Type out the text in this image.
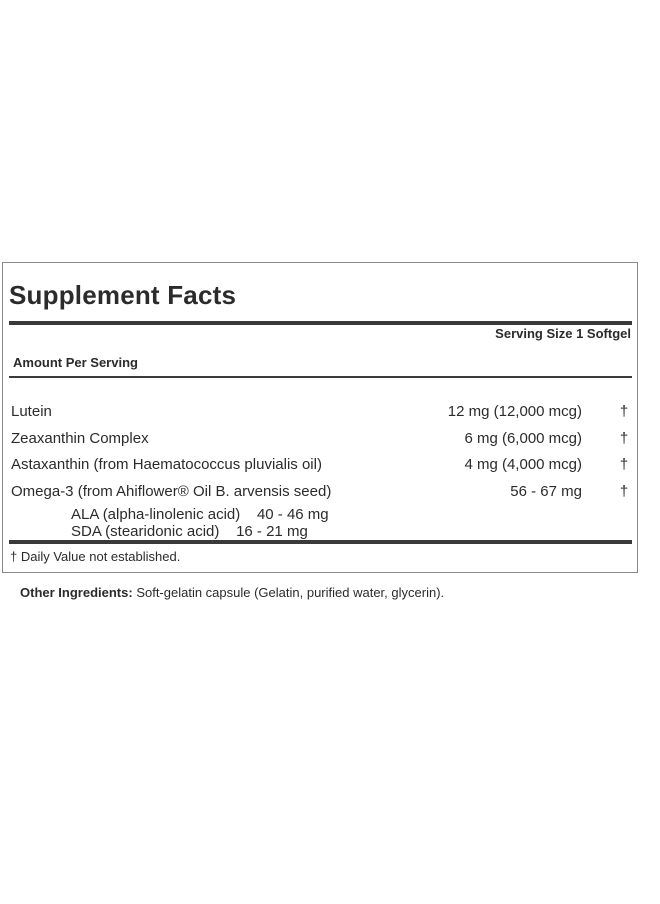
Supplement Facts
Serving Size 1 Softgel
Amount Per Serving
Lutein	12 mg (12,000 mcg)	†
Zeaxanthin Complex	6 mg (6,000 mcg)	†
Astaxanthin (from Haematococcus pluvialis oil)	4 mg (4,000 mcg)	†
Omega-3 (from Ahiflower® Oil B. arvensis seed)	56 - 67 mg	†
ALA (alpha-linolenic acid) 40 - 46 mg
SDA (stearidonic acid) 16 - 21 mg
† Daily Value not established.
Other Ingredients: Soft-gelatin capsule (Gelatin, purified water, glycerin).
